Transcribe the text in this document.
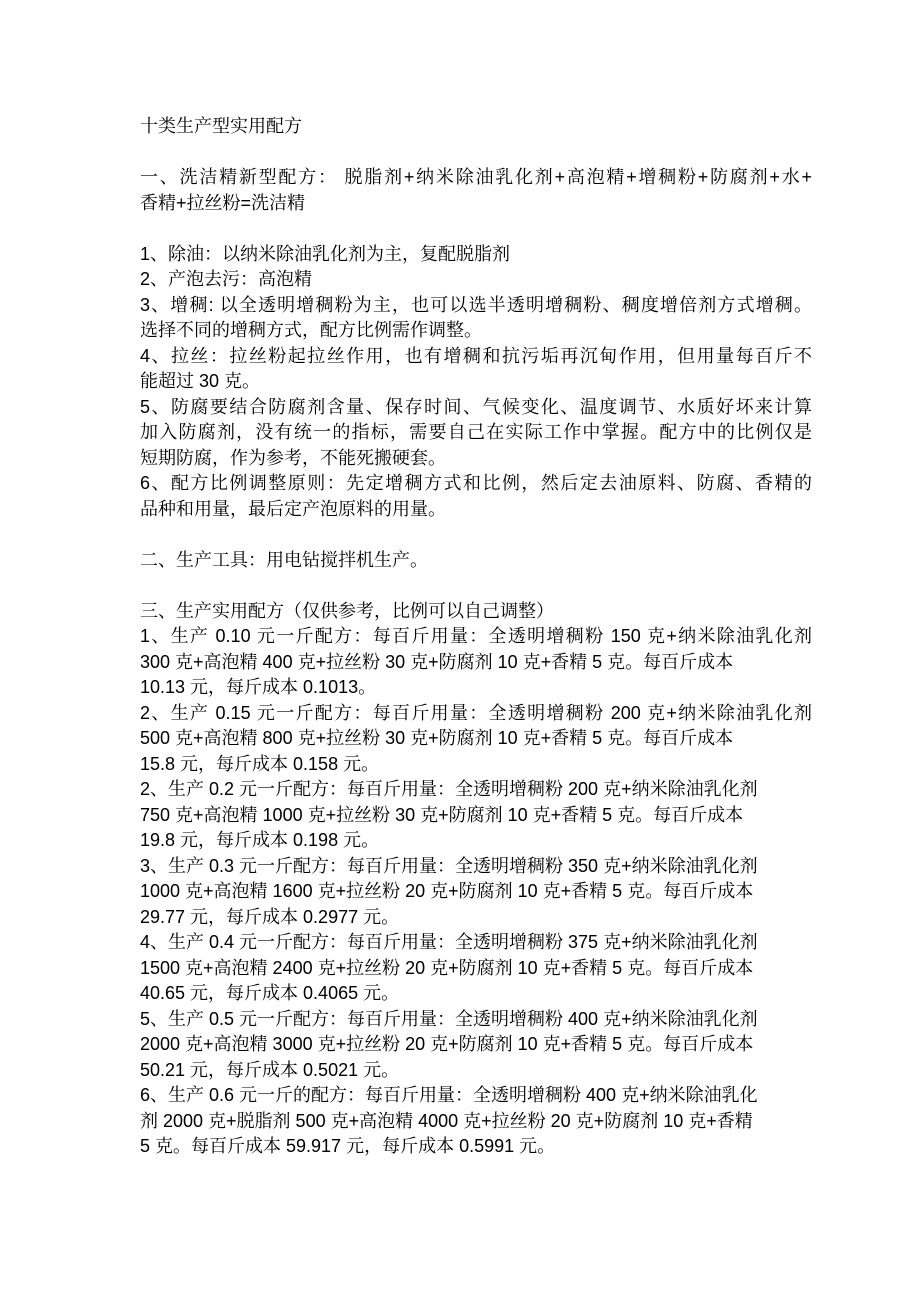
十类生产型实用配方
一、洗洁精新型配方： 脱脂剂+纳米除油乳化剂+高泡精+增稠粉+防腐剂+水+
香精+拉丝粉=洗洁精
1、除油：以纳米除油乳化剂为主，复配脱脂剂
2、产泡去污：高泡精
3、增稠: 以全透明增稠粉为主，也可以选半透明增稠粉、稠度增倍剂方式增稠。
选择不同的增稠方式，配方比例需作调整。
4、拉丝：拉丝粉起拉丝作用，也有增稠和抗污垢再沉甸作用，但用量每百斤不
能超过 30 克。
5、防腐要结合防腐剂含量、保存时间、气候变化、温度调节、水质好坏来计算
加入防腐剂，没有统一的指标，需要自己在实际工作中掌握。配方中的比例仅是
短期防腐，作为参考，不能死搬硬套。
6、配方比例调整原则：先定增稠方式和比例，然后定去油原料、防腐、香精的
品种和用量，最后定产泡原料的用量。
二、生产工具：用电钻搅拌机生产。
三、生产实用配方（仅供参考，比例可以自己调整）
1、生产 0.10 元一斤配方：每百斤用量：全透明增稠粉 150 克+纳米除油乳化剂
300 克+高泡精 400 克+拉丝粉 30 克+防腐剂 10 克+香精 5 克。每百斤成本
10.13 元，每斤成本 0.1013。
2、生产 0.15 元一斤配方：每百斤用量：全透明增稠粉 200 克+纳米除油乳化剂
500 克+高泡精 800 克+拉丝粉 30 克+防腐剂 10 克+香精 5 克。每百斤成本
15.8 元，每斤成本 0.158 元。
2、生产 0.2 元一斤配方：每百斤用量：全透明增稠粉 200 克+纳米除油乳化剂
750 克+高泡精 1000 克+拉丝粉 30 克+防腐剂 10 克+香精 5 克。每百斤成本
19.8 元，每斤成本 0.198 元。
3、生产 0.3 元一斤配方：每百斤用量：全透明增稠粉 350 克+纳米除油乳化剂
1000 克+高泡精 1600 克+拉丝粉 20 克+防腐剂 10 克+香精 5 克。每百斤成本
29.77 元，每斤成本 0.2977 元。
4、生产 0.4 元一斤配方：每百斤用量：全透明增稠粉 375 克+纳米除油乳化剂
1500 克+高泡精 2400 克+拉丝粉 20 克+防腐剂 10 克+香精 5 克。每百斤成本
40.65 元，每斤成本 0.4065 元。
5、生产 0.5 元一斤配方：每百斤用量：全透明增稠粉 400 克+纳米除油乳化剂
2000 克+高泡精 3000 克+拉丝粉 20 克+防腐剂 10 克+香精 5 克。每百斤成本
50.21 元，每斤成本 0.5021 元。
6、生产 0.6 元一斤的配方：每百斤用量：全透明增稠粉 400 克+纳米除油乳化
剂 2000 克+脱脂剂 500 克+高泡精 4000 克+拉丝粉 20 克+防腐剂 10 克+香精
5 克。每百斤成本 59.917 元，每斤成本 0.5991 元。
